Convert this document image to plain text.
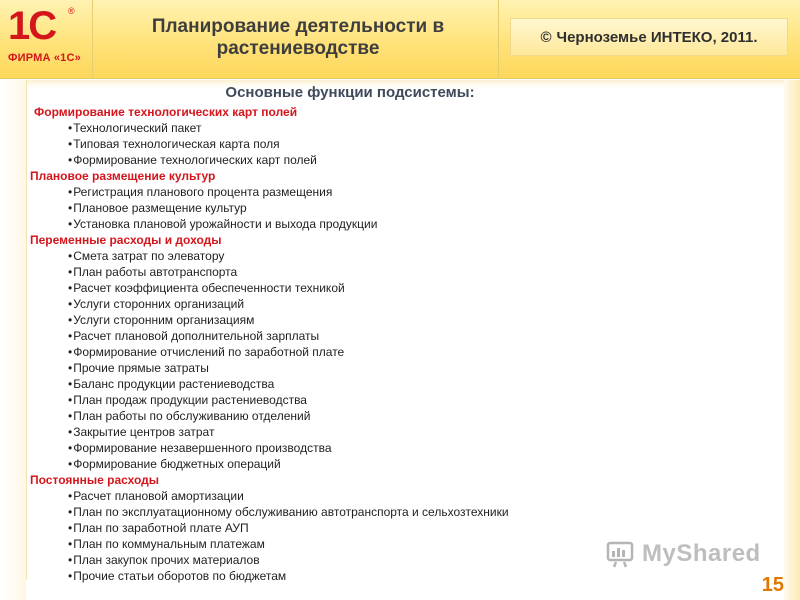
1С ®
ФИРМА «1С»
Планирование деятельности в растениеводстве
© Черноземье ИНТЕКО, 2011.
Основные функции подсистемы:
Формирование технологических карт полей
•Технологический пакет
•Типовая технологическая карта поля
•Формирование технологических карт полей
Плановое размещение культур
•Регистрация планового процента размещения
•Плановое размещение культур
•Установка плановой урожайности и выхода продукции
Переменные расходы и доходы
•Смета затрат по элеватору
•План работы автотранспорта
•Расчет коэффициента обеспеченности техникой
•Услуги сторонних организаций
•Услуги сторонним организациям
•Расчет плановой дополнительной зарплаты
•Формирование отчислений по заработной плате
•Прочие прямые затраты
•Баланс продукции растениеводства
•План продаж продукции растениеводства
•План работы по обслуживанию отделений
•Закрытие центров затрат
•Формирование незавершенного производства
•Формирование бюджетных операций
Постоянные расходы
•Расчет плановой амортизации
•План по эксплуатационному обслуживанию автотранспорта и сельхозтехники
•План по заработной плате АУП
•План по коммунальным платежам
•План закупок прочих материалов
•Прочие статьи оборотов по бюджетам
MyShared
15
